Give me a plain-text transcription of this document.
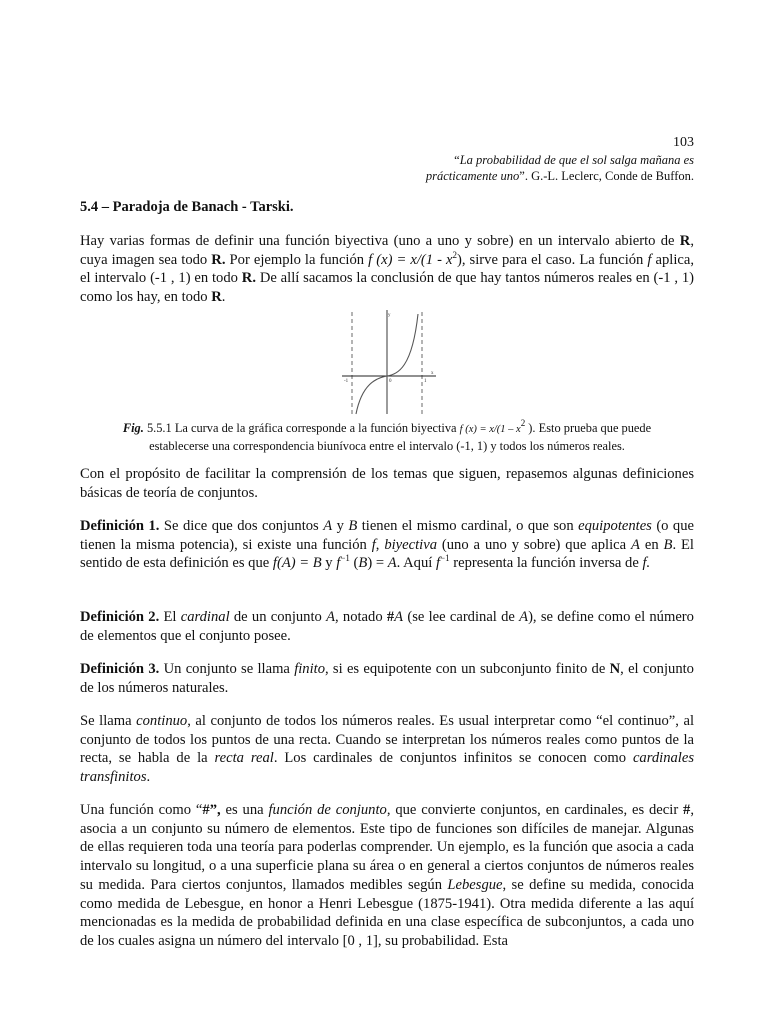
103
“La probabilidad de que el sol salga mañana es prácticamente uno”. G.-L. Leclerc, Conde de Buffon.
5.4 – Paradoja de Banach - Tarski.
Hay varias formas de definir una función biyectiva (uno a uno y sobre) en un intervalo abierto de R, cuya imagen sea todo R. Por ejemplo la función f $(x) = x/(1 - x^2)$, sirve para el caso. La función f aplica, el intervalo (-1 , 1) en todo R. De allí sacamos la conclusión de que hay tantos números reales en (-1 , 1) como los hay, en todo R.
y
x
-1	0	1
Fig. 5.5.1 La curva de la gráfica corresponde a la función biyectiva f $(x) = x/(1 - x^2$ ). Esto prueba que puede establecerse una correspondencia biunívoca entre el intervalo (-1, 1) y todos los números reales.
Con el propósito de facilitar la comprensión de los temas que siguen, repasemos algunas definiciones básicas de teoría de conjuntos.
Definición 1. Se dice que dos conjuntos A y B tienen el mismo cardinal, o que son equipotentes (o que tienen la misma potencia), si existe una función f, biyectiva (uno a uno y sobre) que aplica A en B. El sentido de esta definición es que f(A) = B y $f^{-1}$ (B) = A. Aquí $f^{-1}$ representa la función inversa de f.
Definición 2. El cardinal de un conjunto A, notado #A (se lee cardinal de A), se define como el número de elementos que el conjunto posee.
Definición 3. Un conjunto se llama finito, si es equipotente con un subconjunto finito de N, el conjunto de los números naturales.
Se llama continuo, al conjunto de todos los números reales. Es usual interpretar como “el continuo”, al conjunto de todos los puntos de una recta. Cuando se interpretan los números reales como puntos de la recta, se habla de la recta real. Los cardinales de conjuntos infinitos se conocen como cardinales transfinitos.
Una función como “#”, es una función de conjunto, que convierte conjuntos, en cardinales, es decir #, asocia a un conjunto su número de elementos. Este tipo de funciones son difíciles de manejar. Algunas de ellas requieren toda una teoría para poderlas comprender. Un ejemplo, es la función que asocia a cada intervalo su longitud, o a una superficie plana su área o en general a ciertos conjuntos de números reales su medida. Para ciertos conjuntos, llamados medibles según Lebesgue, se define su medida, conocida como medida de Lebesgue, en honor a Henri Lebesgue (1875-1941). Otra medida diferente a las aquí mencionadas es la medida de probabilidad definida en una clase específica de subconjuntos, a cada uno de los cuales asigna un número del intervalo [0 , 1], su probabilidad. Esta
